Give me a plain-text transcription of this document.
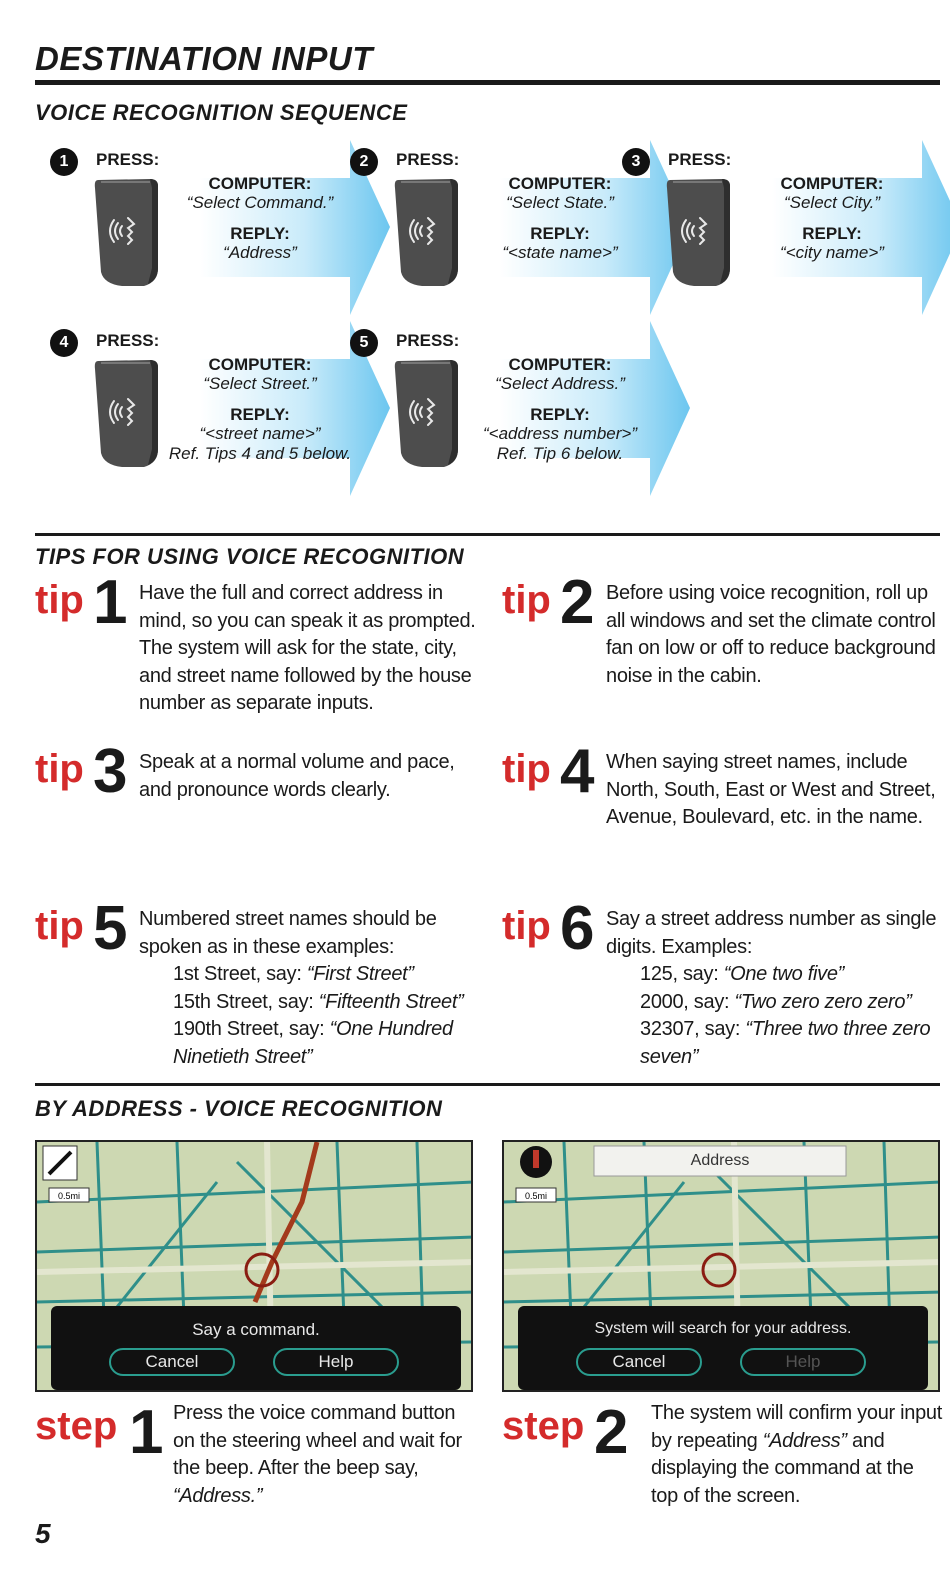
DESTINATION INPUT
VOICE RECOGNITION SEQUENCE
1	PRESS:
COMPUTER:
“Select Command.”
REPLY:
“Address”
2	PRESS:
COMPUTER:
“Select State.”
REPLY:
“<state name>”
3	PRESS:
COMPUTER:
“Select City.”
REPLY:
“<city name>”
4	PRESS:
COMPUTER:
“Select Street.”
REPLY:
“<street name>”
Ref. Tips 4 and 5 below.
5	PRESS:
COMPUTER:
“Select Address.”
REPLY:
“<address number>”
Ref. Tip 6 below.
TIPS FOR USING VOICE RECOGNITION
tip 1 Have the full and correct address in mind, so you can speak it as prompted. The system will ask for the state, city, and street name followed by the house number as separate inputs.
tip 2 Before using voice recognition, roll up all windows and set the climate control fan on low or off to reduce background noise in the cabin.
tip 3 Speak at a normal volume and pace, and pronounce words clearly.	tip 4 When saying street names, include North, South, East or West and Street, Avenue, Boulevard, etc. in the name.
tip 5 Numbered street names should be spoken as in these examples:
1st Street, say: “First Street”
15th Street, say: “Fifteenth Street”
190th Street, say: “One Hundred Ninetieth Street”
tip 6 Say a street address number as single digits. Examples:
125, say: “One two five”
2000, say: “Two zero zero zero”
32307, say: “Three two three zero seven”
BY ADDRESS - VOICE RECOGNITION
0.5mi
Say a command.
Cancel	Help
0.5mi
Address
System will search for your address.
Cancel	Help
step 1 Press the voice command button on the steering wheel and wait for the beep. After the beep say, “Address.”
step 2 The system will confirm your input by repeating “Address” and displaying the command at the top of the screen.
5
